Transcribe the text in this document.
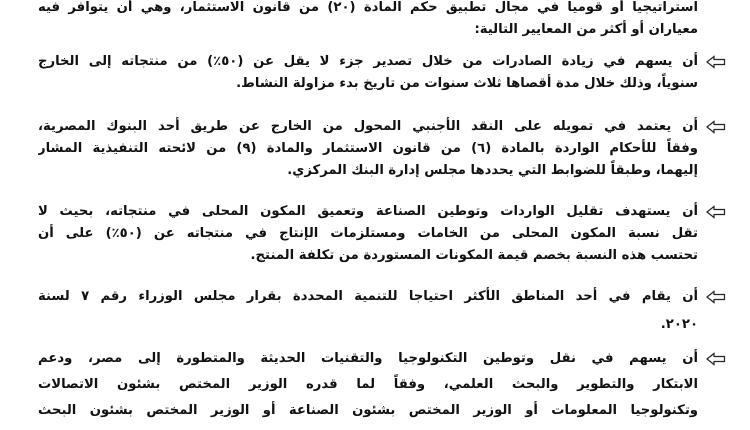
استراتيجيا أو قوميا في مجال تطبيق حكم المادة (٢٠) من قانون الاستثمار، وهي أن يتوافر فيه
معياران أو أكثر من المعايير التالية:
أن يسهم في زيادة الصادرات من خلال تصدير جزء لا يقل عن (٥٠٪) من منتجاته إلى الخارج
سنوياً، وذلك خلال مدة أقصاها ثلاث سنوات من تاريخ بدء مزاولة النشاط.
أن يعتمد في تمويله على النقد الأجنبي المحول من الخارج عن طريق أحد البنوك المصرية،
وفقاً للأحكام الواردة بالمادة (٦) من قانون الاستثمار والمادة (٩) من لائحته التنفيذية المشار
إليهما، وطبقاً للضوابط التي يحددها مجلس إدارة البنك المركزي.
أن يستهدف تقليل الواردات وتوطين الصناعة وتعميق المكون المحلى في منتجاته، بحيث لا
تقل نسبة المكون المحلى من الخامات ومستلزمات الإنتاج في منتجاته عن (٥٠٪) على أن
تحتسب هذه النسبة بخصم قيمة المكونات المستوردة من تكلفة المنتج.
أن يقام في أحد المناطق الأكثر احتياجا للتنمية المحددة بقرار مجلس الوزراء رقم ٧ لسنة
٢٠٢٠.
أن يسهم في نقل وتوطين التكنولوجيا والتقنيات الحديثة والمتطورة إلى مصر، ودعم
الابتكار والتطوير والبحث العلمي، وفقاً لما قدره الوزير المختص بشئون الاتصالات
وتكنولوجيا المعلومات أو الوزير المختص بشئون الصناعة أو الوزير المختص بشئون البحث
